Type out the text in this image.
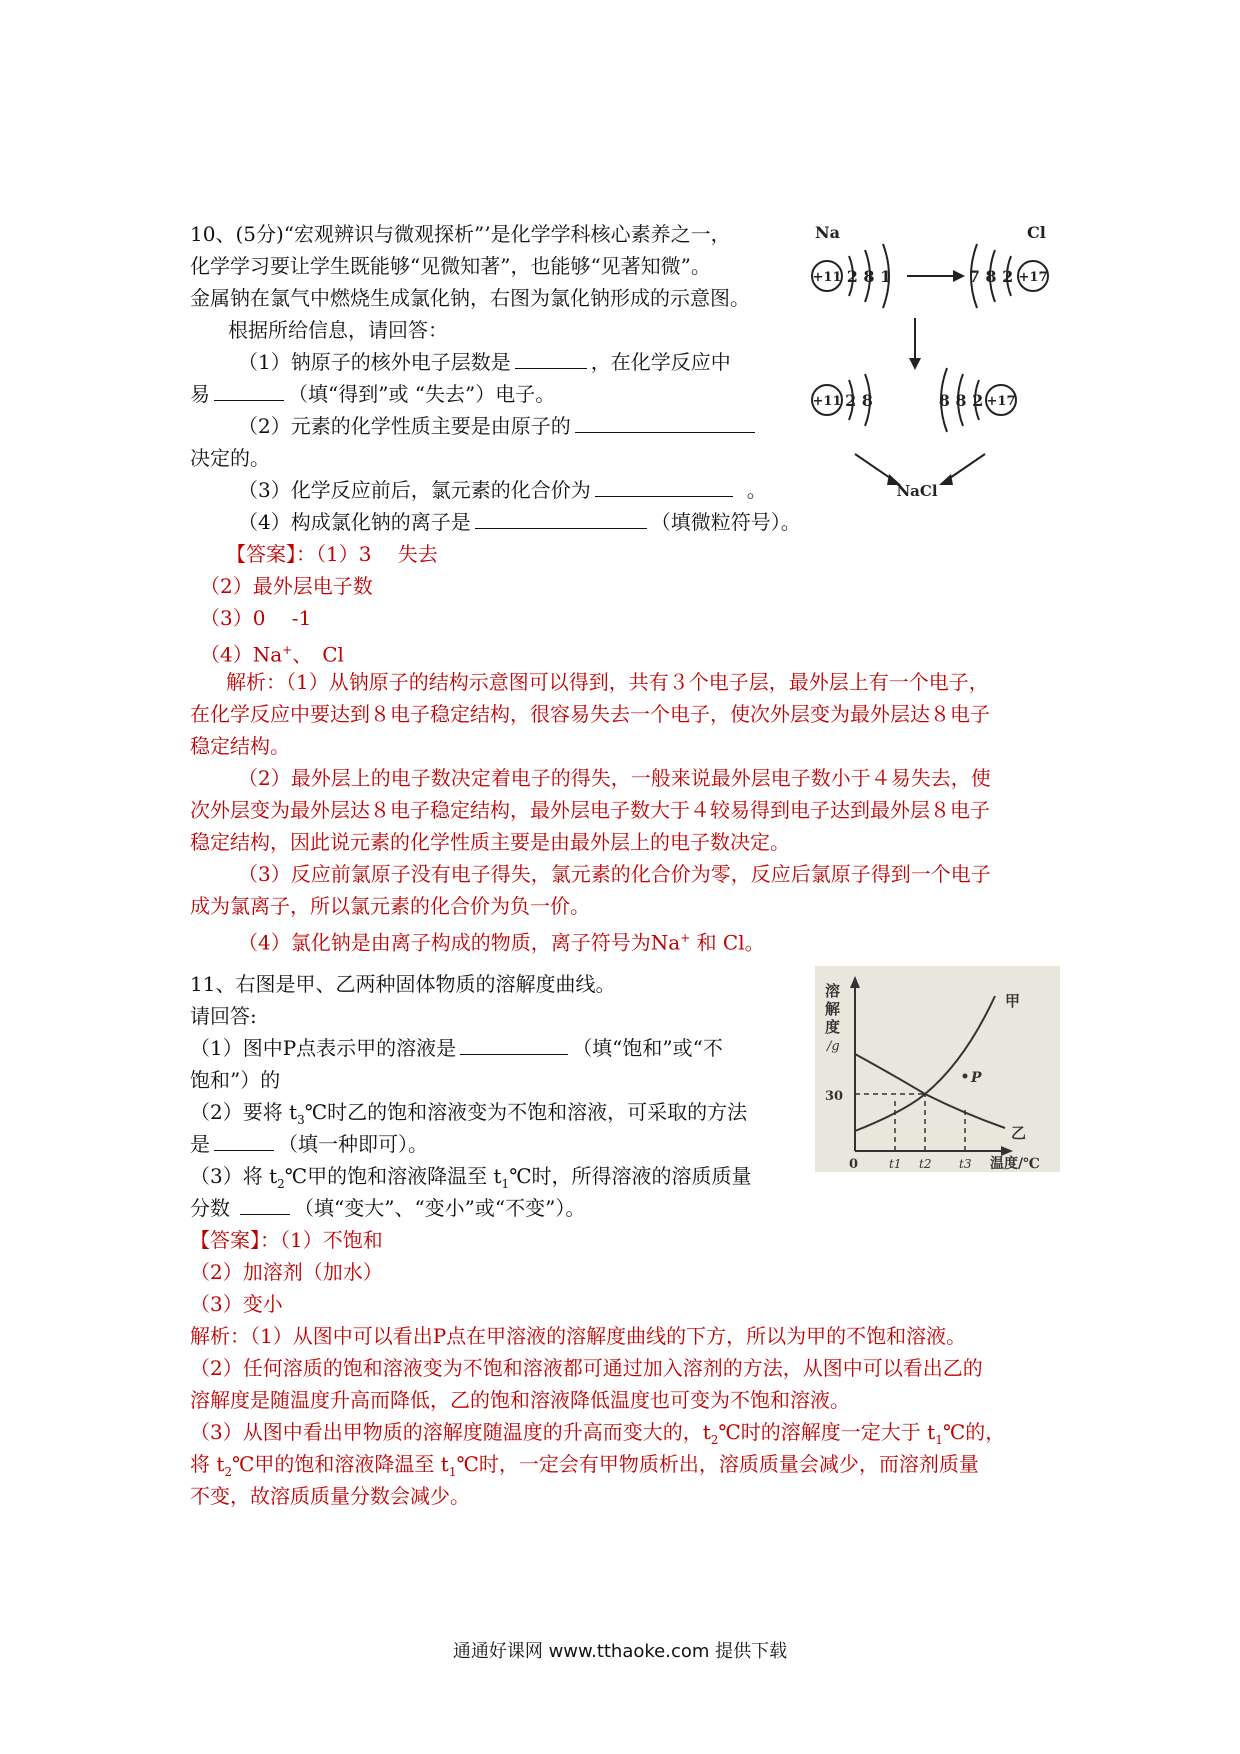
10、(5分)“宏观辨识与微观探析”’是化学学科核心素养之一，
化学学习要让学生既能够“见微知著”，也能够“见著知微”。
金属钠在氯气中燃烧生成氯化钠，右图为氯化钠形成的示意图。
根据所给信息，请回答：
（1）钠原子的核外电子层数是	，在化学反应中
易	（填“得到”或 “失去”）电子。
（2）元素的化学性质主要是由原子的
决定的。
（3）化学反应前后，氯元素的化合价为	。
（4）构成氯化钠的离子是	（填微粒符号）。
【答案】：（1）3　 失去
（2）最外层电子数
（3）0　 -1
（4）Na+、　Cl
解析：（1）从钠原子的结构示意图可以得到，共有３个电子层，最外层上有一个电子，
在化学反应中要达到８电子稳定结构，很容易失去一个电子，使次外层变为最外层达８电子
稳定结构。
（2）最外层上的电子数决定着电子的得失，一般来说最外层电子数小于４易失去，使
次外层变为最外层达８电子稳定结构，最外层电子数大于４较易得到电子达到最外层８电子
稳定结构，因此说元素的化学性质主要是由最外层上的电子数决定。
（3）反应前氯原子没有电子得失，氯元素的化合价为零，反应后氯原子得到一个电子
成为氯离子，所以氯元素的化合价为负一价。
（4）氯化钠是由离子构成的物质，离子符号为Na+ 和 Cl。
Na
+11 2 8 1
Cl
+17
7 8 2
+11 2 8	+17
8 8 2
NaCl
11、右图是甲、乙两种固体物质的溶解度曲线。
请回答:
（1）图中P点表示甲的溶液是	（填“饱和”或“不
饱和”）的
（2）要将 $t_3℃$时乙的饱和溶液变为不饱和溶液，可采取的方法
是	（填一种即可）。
（3）将 $t_2℃$甲的饱和溶液降温至 $t_1℃$时，所得溶液的溶质质量
分数	（填“变大”、“变小”或“不变”）。
【答案】：（1）不饱和
（2）加溶剂（加水）
（3）变小
解析：（1）从图中可以看出P点在甲溶液的溶解度曲线的下方，所以为甲的不饱和溶液。
（2）任何溶质的饱和溶液变为不饱和溶液都可通过加入溶剂的方法，从图中可以看出乙的
溶解度是随温度升高而降低，乙的饱和溶液降低温度也可变为不饱和溶液。
（3）从图中看出甲物质的溶解度随温度的升高而变大的，$t_2℃$时的溶解度一定大于 $t_1℃$的，
将 $t_2℃$甲的饱和溶液降温至 $t_1℃$时，一定会有甲物质析出，溶质质量会减少，而溶剂质量
不变，故溶质质量分数会减少。
溶
解
度
/g
30
甲
乙
P
0	t1 t2 t3 温度/℃
通通好课网 www.tthaoke.com 提供下载
